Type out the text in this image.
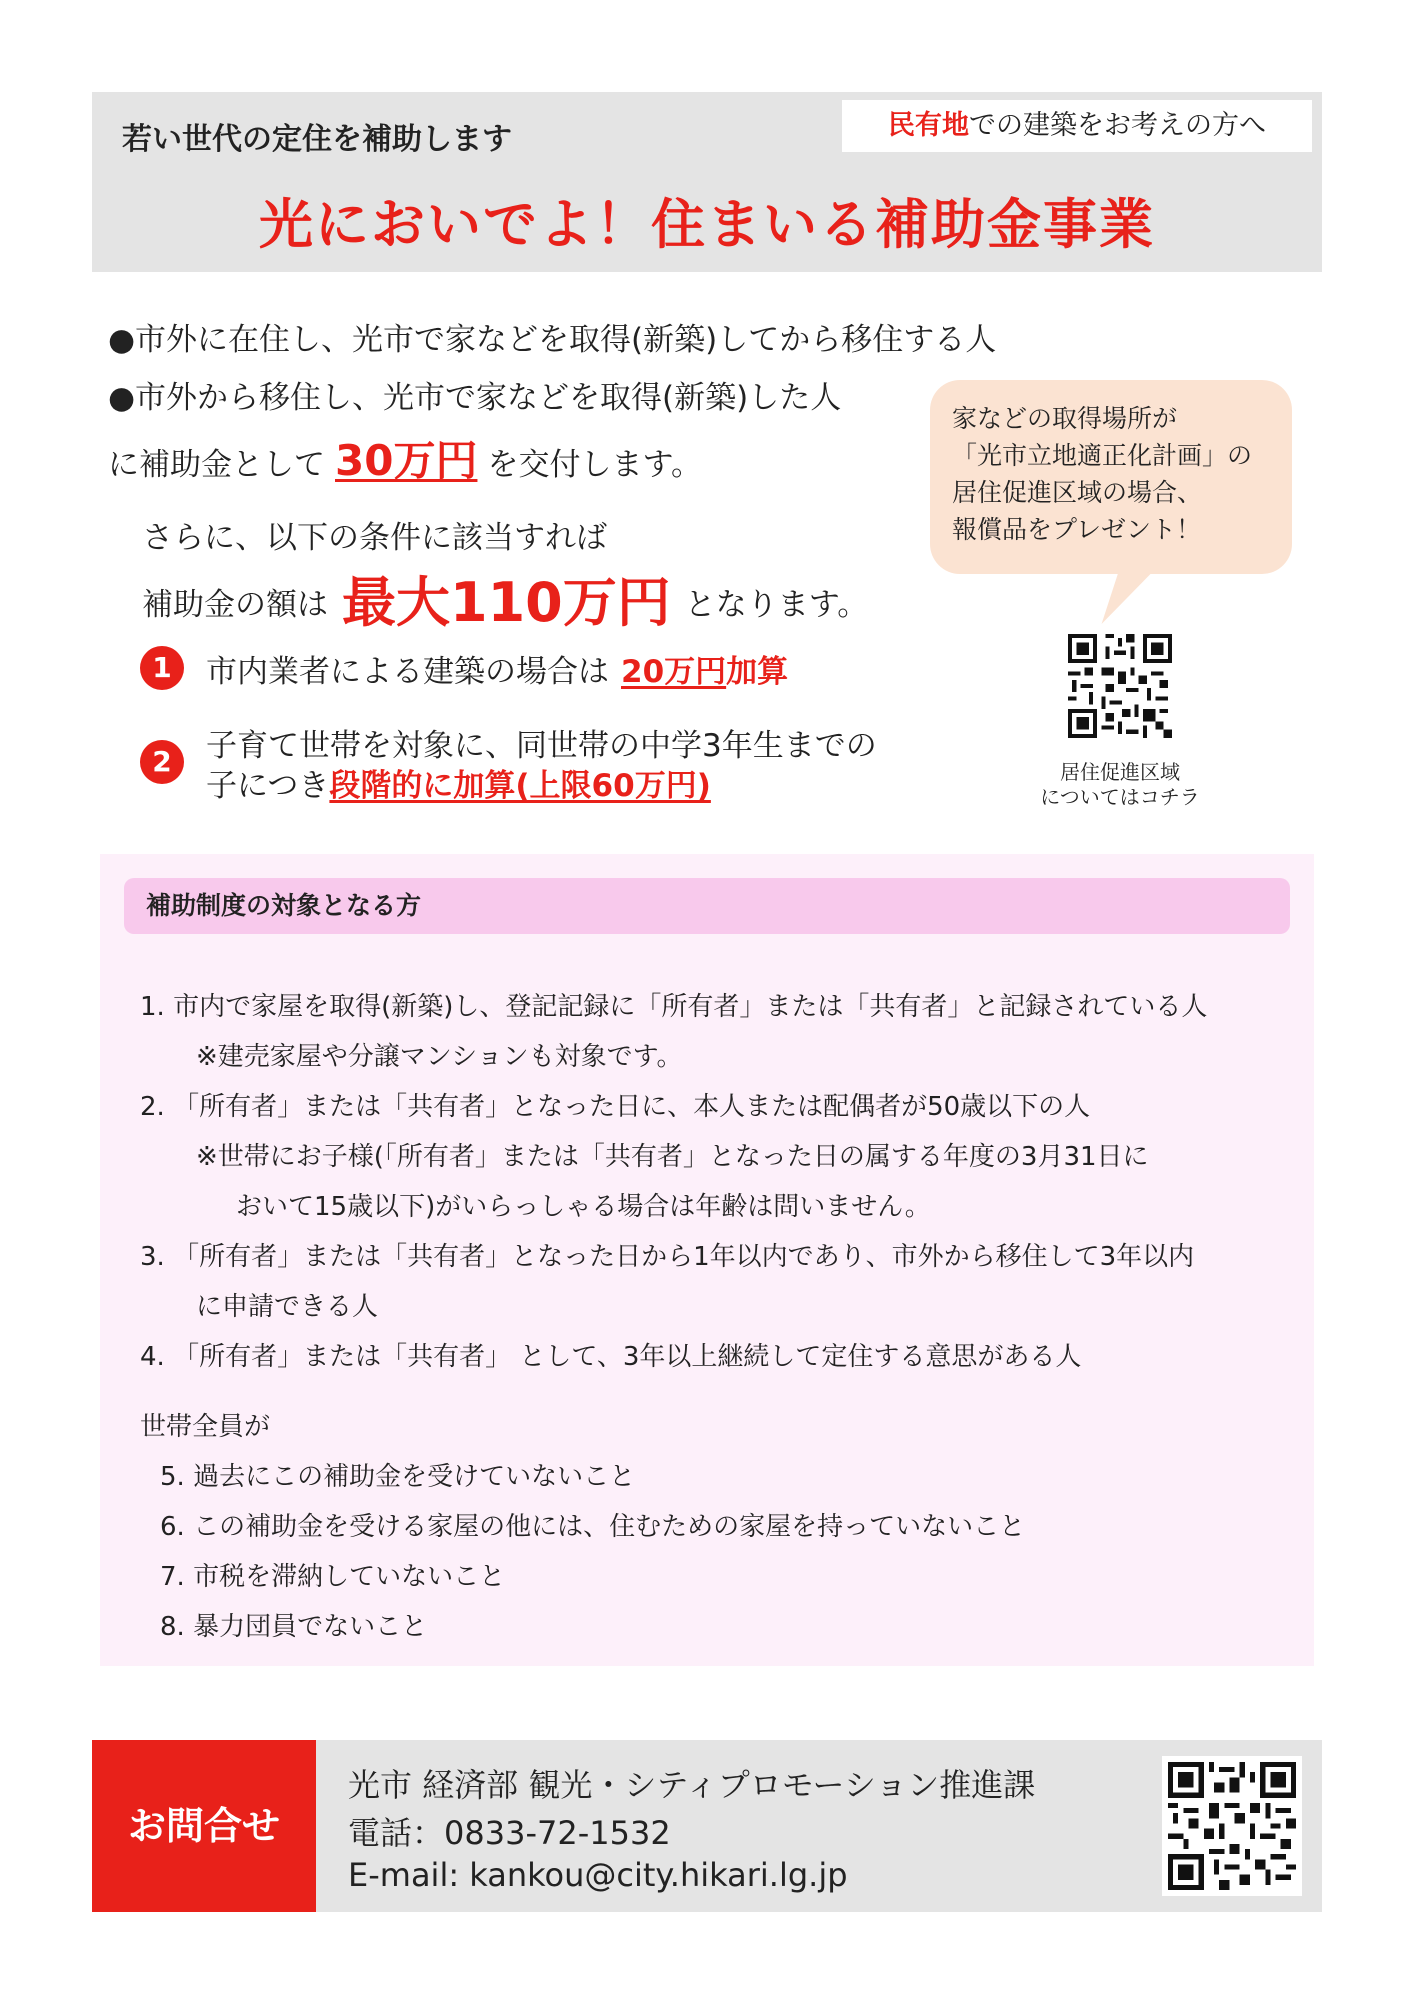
若い世代の定住を補助します	民有地での建築をお考えの方へ
光においでよ！住まいる補助金事業
●市外に在住し、光市で家などを取得(新築)してから移住する人
●市外から移住し、光市で家などを取得(新築)した人
に補助金として 30万円 を交付します。
さらに、以下の条件に該当すれば
補助金の額は 最大110万円 となります。
1	市内業者による建築の場合は 20万円加算
2	子育て世帯を対象に、同世帯の中学3年生までの
子につき段階的に加算(上限60万円)
家などの取得場所が
「光市立地適正化計画」の
居住促進区域の場合、
報償品をプレゼント！
居住促進区域
についてはコチラ
補助制度の対象となる方
1. 市内で家屋を取得(新築)し、登記記録に「所有者」または「共有者」と記録されている人
※建売家屋や分譲マンションも対象です。
2. 「所有者」または「共有者」となった日に、本人または配偶者が50歳以下の人
※世帯にお子様(「所有者」または「共有者」となった日の属する年度の3月31日に
おいて15歳以下)がいらっしゃる場合は年齢は問いません。
3. 「所有者」または「共有者」となった日から1年以内であり、市外から移住して3年以内
に申請できる人
4. 「所有者」または「共有者」 として、3年以上継続して定住する意思がある人
世帯全員が
5. 過去にこの補助金を受けていないこと
6. この補助金を受ける家屋の他には、住むための家屋を持っていないこと
7. 市税を滞納していないこと
8. 暴力団員でないこと
お問合せ
光市 経済部 観光・シティプロモーション推進課
電話：0833-72-1532
E-mail: kankou@city.hikari.lg.jp
